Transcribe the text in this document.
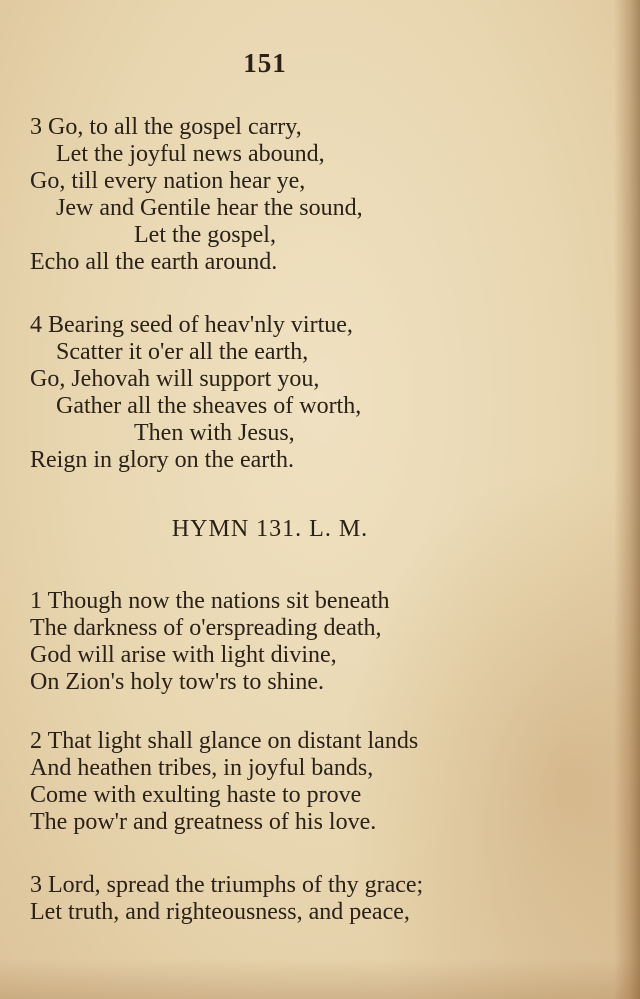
151
3 Go, to all the gospel carry,
Let the joyful news abound,
Go, till every nation hear ye,
Jew and Gentile hear the sound,
Let the gospel,
Echo all the earth around.
4 Bearing seed of heav'nly virtue,
Scatter it o'er all the earth,
Go, Jehovah will support you,
Gather all the sheaves of worth,
Then with Jesus,
Reign in glory on the earth.
HYMN 131. L. M.
1 Though now the nations sit beneath
The darkness of o'erspreading death,
God will arise with light divine,
On Zion's holy tow'rs to shine.
2 That light shall glance on distant lands
And heathen tribes, in joyful bands,
Come with exulting haste to prove
The pow'r and greatness of his love.
3 Lord, spread the triumphs of thy grace;
Let truth, and righteousness, and peace,
